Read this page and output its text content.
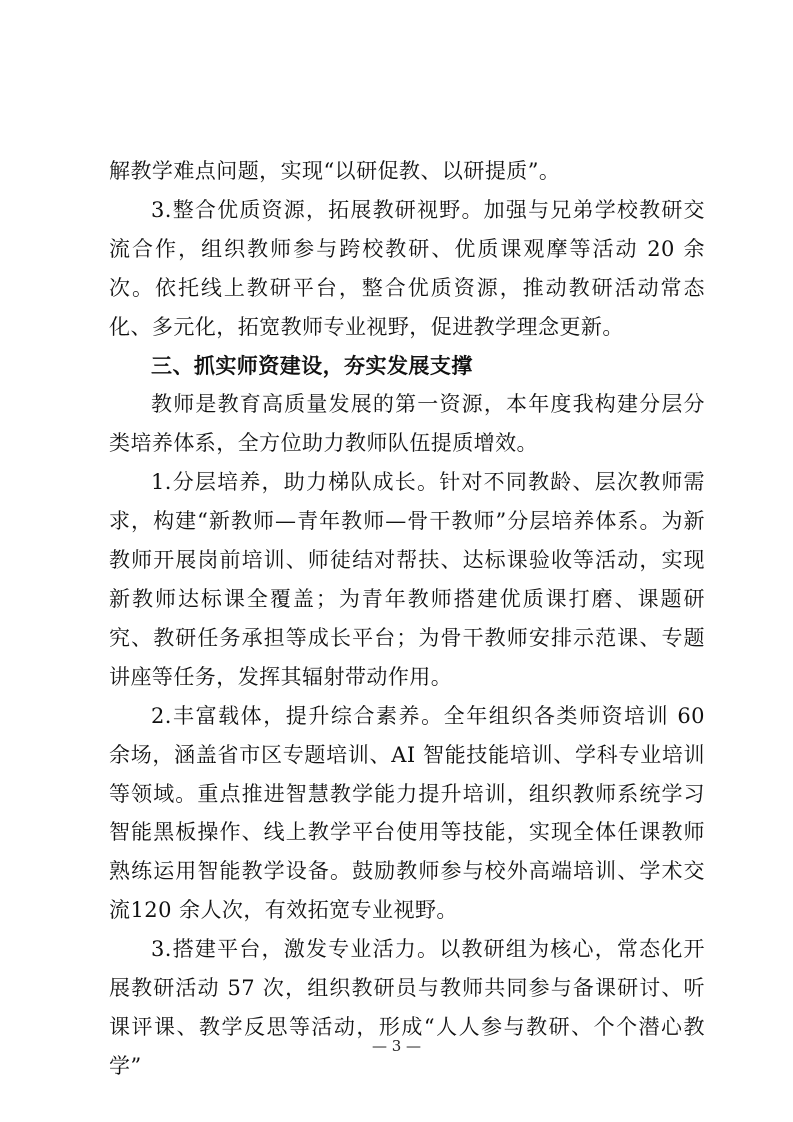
解教学难点问题，实现“以研促教、以研提质”。

3.整合优质资源，拓展教研视野。加强与兄弟学校教研交流合作，组织教师参与跨校教研、优质课观摩等活动 20 余次。依托线上教研平台，整合优质资源，推动教研活动常态化、多元化，拓宽教师专业视野，促进教学理念更新。

三、抓实师资建设，夯实发展支撑

教师是教育高质量发展的第一资源，本年度我构建分层分类培养体系，全方位助力教师队伍提质增效。

1.分层培养，助力梯队成长。针对不同教龄、层次教师需求，构建“新教师—青年教师—骨干教师”分层培养体系。为新教师开展岗前培训、师徒结对帮扶、达标课验收等活动，实现新教师达标课全覆盖；为青年教师搭建优质课打磨、课题研究、教研任务承担等成长平台；为骨干教师安排示范课、专题讲座等任务，发挥其辐射带动作用。

2.丰富载体，提升综合素养。全年组织各类师资培训 60 余场，涵盖省市区专题培训、AI 智能技能培训、学科专业培训等领域。重点推进智慧教学能力提升培训，组织教师系统学习智能黑板操作、线上教学平台使用等技能，实现全体任课教师熟练运用智能教学设备。鼓励教师参与校外高端培训、学术交流120 余人次，有效拓宽专业视野。

3.搭建平台，激发专业活力。以教研组为核心，常态化开展教研活动 57 次，组织教研员与教师共同参与备课研讨、听课评课、教学反思等活动，形成“人人参与教研、个个潜心教学”

— 3 —
